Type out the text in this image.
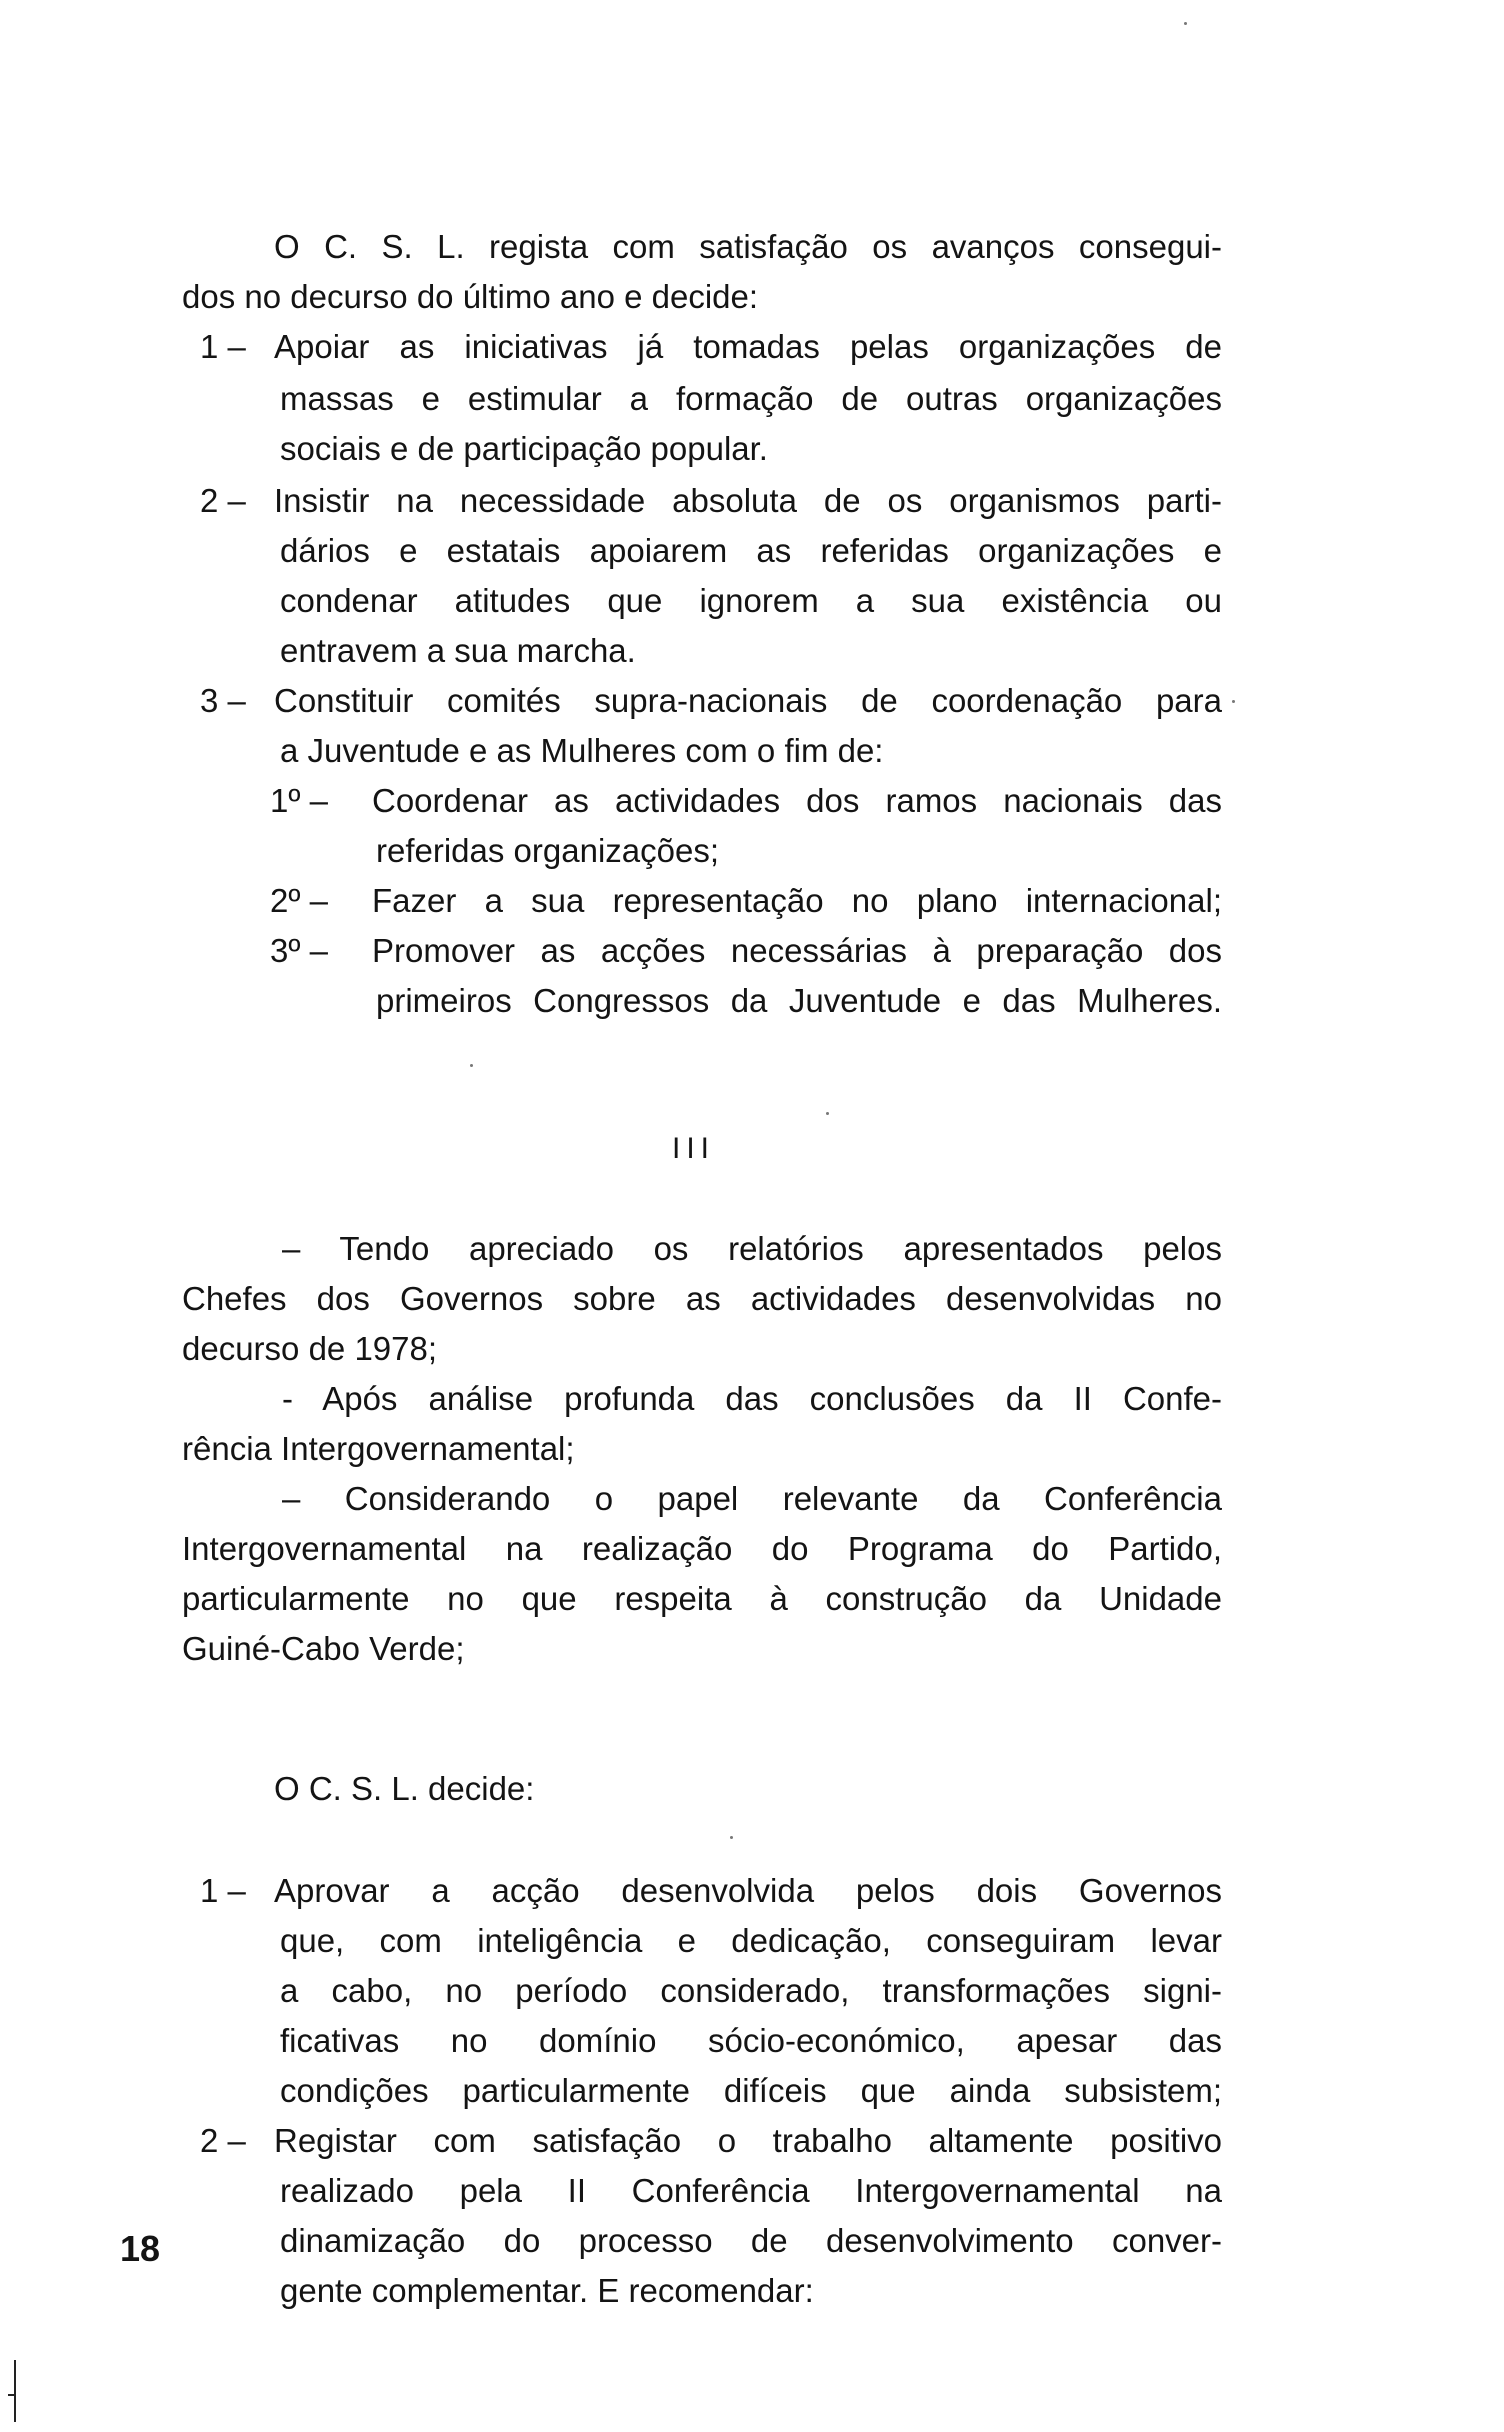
O C. S. L. regista com satisfação os avanços consegui-
dos no decurso do último ano e decide:
1 – Apoiar as iniciativas já tomadas pelas organizações de
massas e estimular a formação de outras organizações
sociais e de participação popular.
2 – Insistir na necessidade absoluta de os organismos parti-
dários e estatais apoiarem as referidas organizações e
condenar atitudes que ignorem a sua existência ou
entravem a sua marcha.
3 – Constituir comités supra-nacionais de coordenação para
a Juventude e as Mulheres com o fim de:
1º – Coordenar as actividades dos ramos nacionais das
referidas organizações;
2º – Fazer a sua representação no plano internacional;
3º – Promover as acções necessárias à preparação dos
primeiros Congressos da Juventude e das Mulheres.
III
– Tendo apreciado os relatórios apresentados pelos
Chefes dos Governos sobre as actividades desenvolvidas no
decurso de 1978;
- Após análise profunda das conclusões da II Confe-
rência Intergovernamental;
– Considerando o papel relevante da Conferência
Intergovernamental na realização do Programa do Partido,
particularmente no que respeita à construção da Unidade
Guiné-Cabo Verde;
O C. S. L. decide:
1 – Aprovar a acção desenvolvida pelos dois Governos
que, com inteligência e dedicação, conseguiram levar
a cabo, no período considerado, transformações signi-
ficativas no domínio sócio-económico, apesar das
condições particularmente difíceis que ainda subsistem;
2 – Registar com satisfação o trabalho altamente positivo
realizado pela II Conferência Intergovernamental na
dinamização do processo de desenvolvimento conver-
gente complementar. E recomendar:
18
